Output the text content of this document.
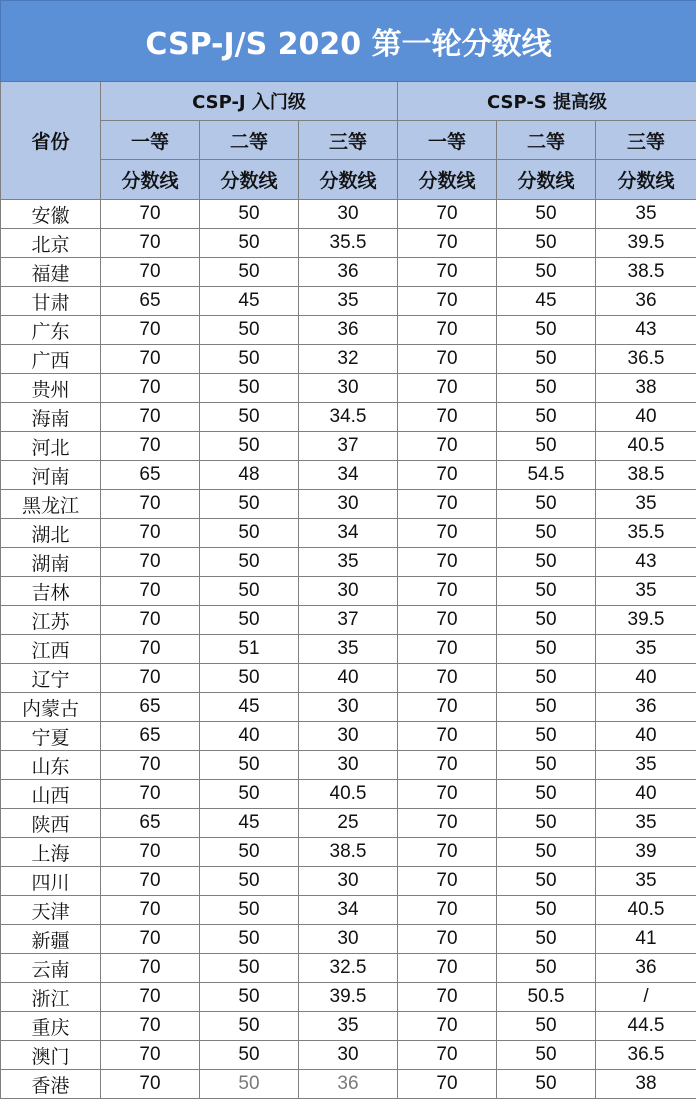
CSP-J/S 2020 第一轮分数线						
省份	CSP-J 入门级			CSP-S 提高级		
	一等	二等	三等	一等	二等	三等
	分数线	分数线	分数线	分数线	分数线	分数线
安徽	70	50	30	70	50	35
北京	70	50	35.5	70	50	39.5
福建	70	50	36	70	50	38.5
甘肃	65	45	35	70	45	36
广东	70	50	36	70	50	43
广西	70	50	32	70	50	36.5
贵州	70	50	30	70	50	38
海南	70	50	34.5	70	50	40
河北	70	50	37	70	50	40.5
河南	65	48	34	70	54.5	38.5
黑龙江	70	50	30	70	50	35
湖北	70	50	34	70	50	35.5
湖南	70	50	35	70	50	43
吉林	70	50	30	70	50	35
江苏	70	50	37	70	50	39.5
江西	70	51	35	70	50	35
辽宁	70	50	40	70	50	40
内蒙古	65	45	30	70	50	36
宁夏	65	40	30	70	50	40
山东	70	50	30	70	50	35
山西	70	50	40.5	70	50	40
陕西	65	45	25	70	50	35
上海	70	50	38.5	70	50	39
四川	70	50	30	70	50	35
天津	70	50	34	70	50	40.5
新疆	70	50	30	70	50	41
云南	70	50	32.5	70	50	36
浙江	70	50	39.5	70	50.5	/
重庆	70	50	35	70	50	44.5
澳门	70	50	30	70	50	36.5
香港	70	50	36	70	50	38
